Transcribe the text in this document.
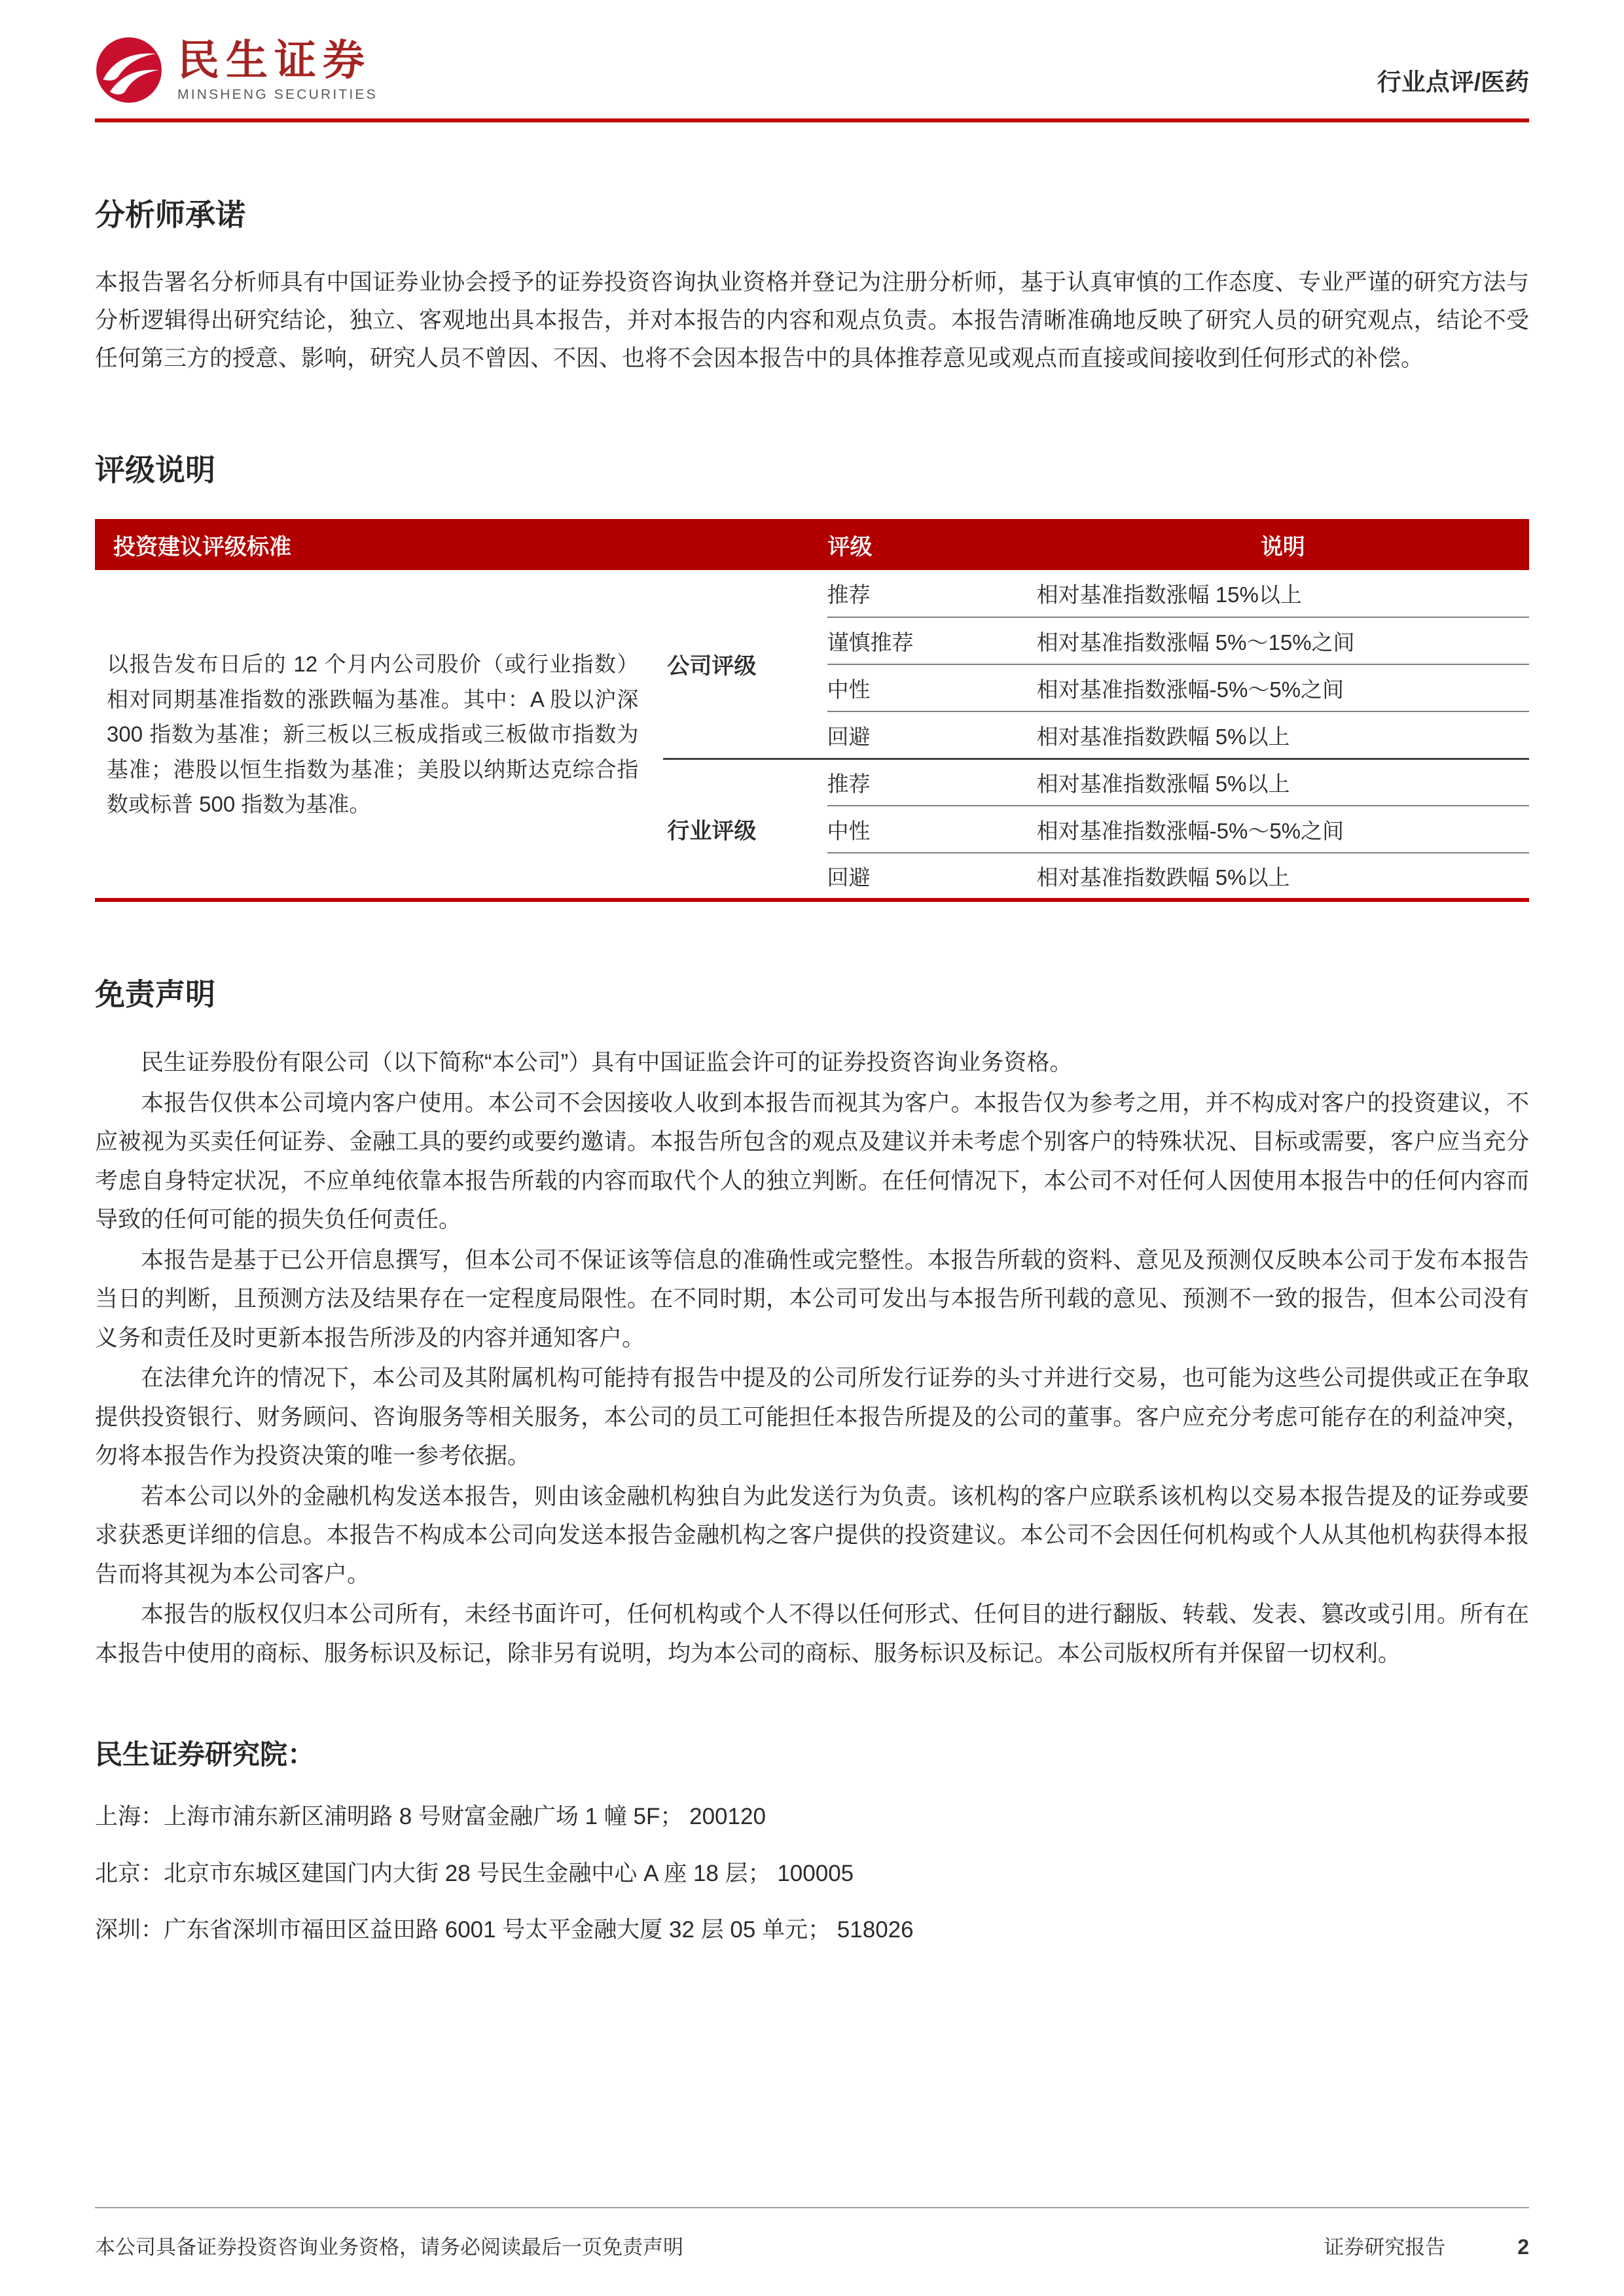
民生证券
MINSHENG SECURITIES	行业点评/医药
分析师承诺
本报告署名分析师具有中国证券业协会授予的证券投资咨询执业资格并登记为注册分析师，基于认真审慎的工作态度、专业严谨的研究方法与分析逻辑得出研究结论，独立、客观地出具本报告，并对本报告的内容和观点负责。本报告清晰准确地反映了研究人员的研究观点，结论不受任何第三方的授意、影响，研究人员不曾因、不因、也将不会因本报告中的具体推荐意见或观点而直接或间接收到任何形式的补偿。
评级说明
投资建议评级标准	评级		说明
以报告发布日后的 12 个月内公司股价（或行业指数）相对同期基准指数的涨跌幅为基准。其中：A 股以沪深 300 指数为基准；新三板以三板成指或三板做市指数为基准；港股以恒生指数为基准；美股以纳斯达克综合指数或标普 500 指数为基准。	公司评级	推荐	相对基准指数涨幅 15%以上
		谨慎推荐	相对基准指数涨幅 5%～15%之间
		中性	相对基准指数涨幅-5%～5%之间
		回避	相对基准指数跌幅 5%以上
	行业评级	推荐	相对基准指数涨幅 5%以上
		中性	相对基准指数涨幅-5%～5%之间
		回避	相对基准指数跌幅 5%以上
免责声明

民生证券股份有限公司（以下简称“本公司”）具有中国证监会许可的证券投资咨询业务资格。

本报告仅供本公司境内客户使用。本公司不会因接收人收到本报告而视其为客户。本报告仅为参考之用，并不构成对客户的投资建议，不应被视为买卖任何证券、金融工具的要约或要约邀请。本报告所包含的观点及建议并未考虑个别客户的特殊状况、目标或需要，客户应当充分考虑自身特定状况，不应单纯依靠本报告所载的内容而取代个人的独立判断。在任何情况下，本公司不对任何人因使用本报告中的任何内容而导致的任何可能的损失负任何责任。

本报告是基于已公开信息撰写，但本公司不保证该等信息的准确性或完整性。本报告所载的资料、意见及预测仅反映本公司于发布本报告当日的判断，且预测方法及结果存在一定程度局限性。在不同时期，本公司可发出与本报告所刊载的意见、预测不一致的报告，但本公司没有义务和责任及时更新本报告所涉及的内容并通知客户。

在法律允许的情况下，本公司及其附属机构可能持有报告中提及的公司所发行证券的头寸并进行交易，也可能为这些公司提供或正在争取提供投资银行、财务顾问、咨询服务等相关服务，本公司的员工可能担任本报告所提及的公司的董事。客户应充分考虑可能存在的利益冲突，勿将本报告作为投资决策的唯一参考依据。

若本公司以外的金融机构发送本报告，则由该金融机构独自为此发送行为负责。该机构的客户应联系该机构以交易本报告提及的证券或要求获悉更详细的信息。本报告不构成本公司向发送本报告金融机构之客户提供的投资建议。本公司不会因任何机构或个人从其他机构获得本报告而将其视为本公司客户。

本报告的版权仅归本公司所有，未经书面许可，任何机构或个人不得以任何形式、任何目的进行翻版、转载、发表、篡改或引用。所有在本报告中使用的商标、服务标识及标记，除非另有说明，均为本公司的商标、服务标识及标记。本公司版权所有并保留一切权利。

民生证券研究院：
上海：上海市浦东新区浦明路 8 号财富金融广场 1 幢 5F； 200120
北京：北京市东城区建国门内大街 28 号民生金融中心 A 座 18 层； 100005
深圳：广东省深圳市福田区益田路 6001 号太平金融大厦 32 层 05 单元； 518026
本公司具备证券投资咨询业务资格，请务必阅读最后一页免责声明	证券研究报告	2
